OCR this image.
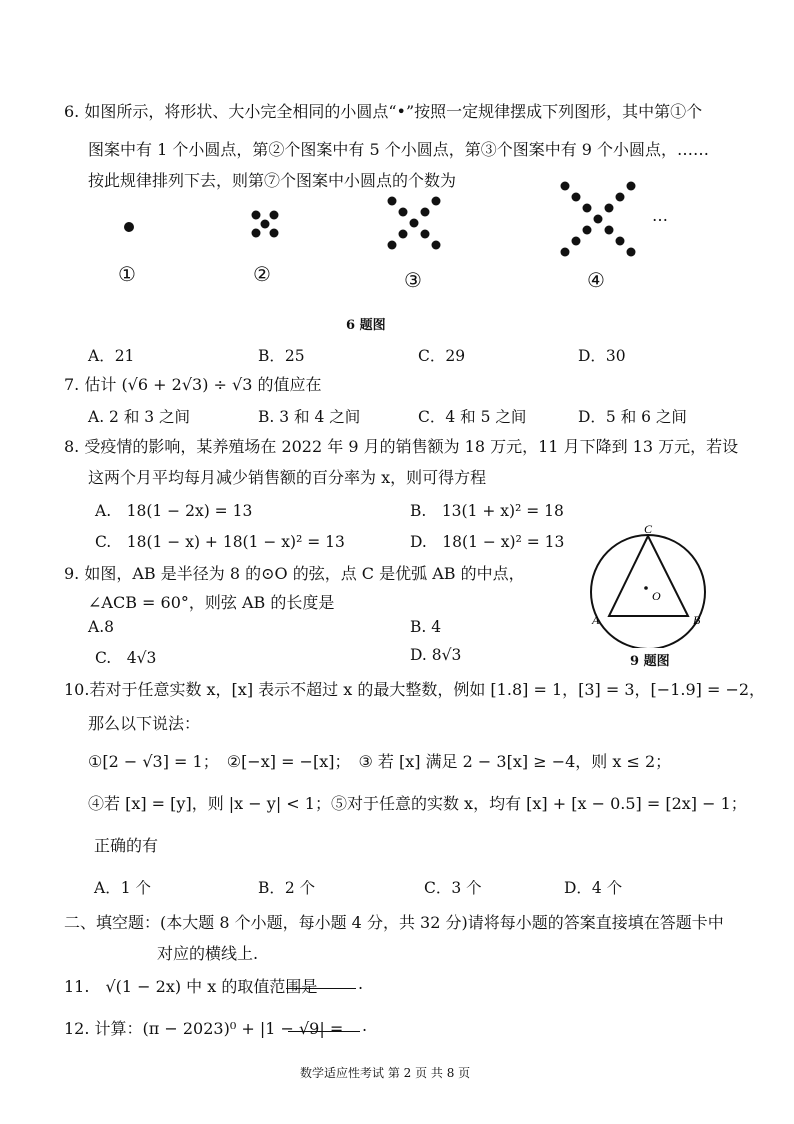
6. 如图所示，将形状、大小完全相同的小圆点“•”按照一定规律摆成下列图形，其中第①个
图案中有 1 个小圆点，第②个图案中有 5 个小圆点，第③个图案中有 9 个小圆点，……
按此规律排列下去，则第⑦个图案中小圆点的个数为
…
①	②	③	④
6 题图
A．21	B．25	C．29	D．30
7. 估计 (√6 + 2√3) ÷ √3 的值应在
A. 2 和 3 之间	B. 3 和 4 之间	C．4 和 5 之间	D．5 和 6 之间
8. 受疫情的影响，某养殖场在 2022 年 9 月的销售额为 18 万元，11 月下降到 13 万元，若设
这两个月平均每月减少销售额的百分率为 x，则可得方程
A.　18(1 − 2x) = 13	B.　13(1 + x)² = 18
C.　18(1 − x) + 18(1 − x)² = 13	D.　18(1 − x)² = 13
9. 如图，AB 是半径为 8 的⊙O 的弦，点 C 是优弧 AB 的中点，
∠ACB = 60°，则弦 AB 的长度是
A.8	B. 4
C.　4√3	D. 8√3
C
O
A	B
9 题图
10.若对于任意实数 x，[x] 表示不超过 x 的最大整数，例如 [1.8] = 1，[3] = 3，[−1.9] = −2，
那么以下说法：
①[2 − √3] = 1；　②[−x] = −[x]；　③ 若 [x] 满足 2 − 3[x] ≥ −4，则 x ≤ 2；
④若 [x] = [y]，则 |x − y| < 1；⑤对于任意的实数 x，均有 [x] + [x − 0.5] = [2x] − 1；
正确的有
A．1 个	B．2 个	C．3 个	D．4 个
二、填空题：(本大题 8 个小题，每小题 4 分，共 32 分)请将每小题的答案直接填在答题卡中
对应的横线上.
11.　√(1 − 2x) 中 x 的取值范围是	.
12. 计算：(π − 2023)⁰ + |1 − √9| = .
数学适应性考试 第 2 页 共 8 页
